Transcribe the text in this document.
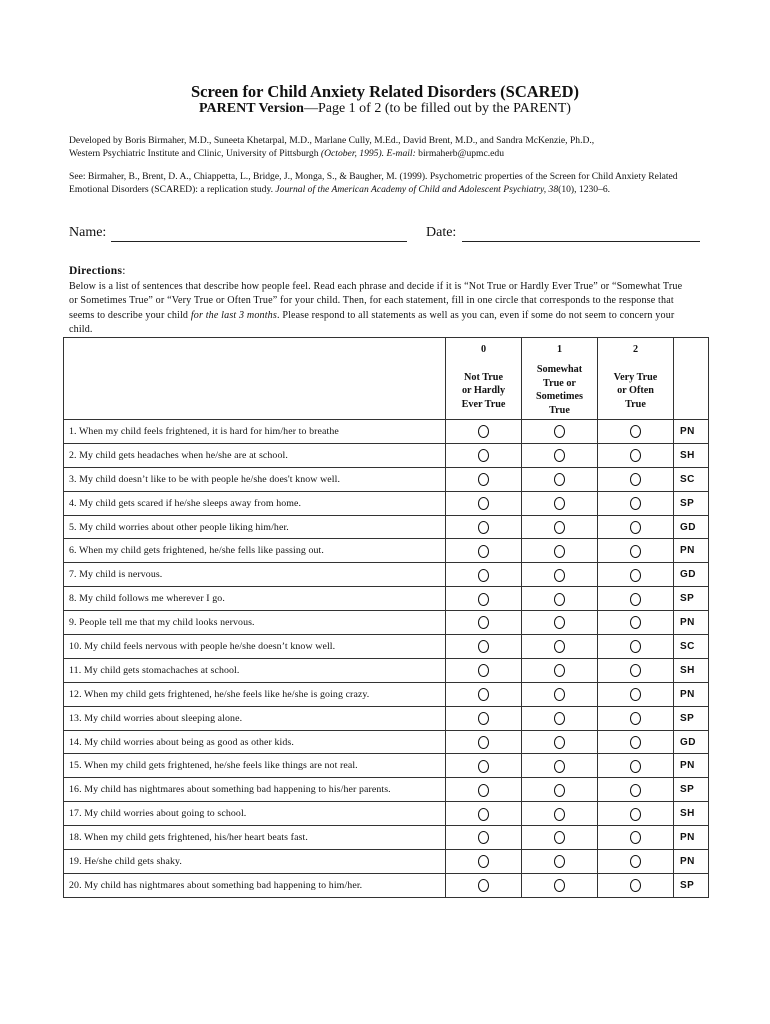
Screen for Child Anxiety Related Disorders (SCARED)
PARENT Version—Page 1 of 2 (to be filled out by the PARENT)
Developed by Boris Birmaher, M.D., Suneeta Khetarpal, M.D., Marlane Cully, M.Ed., David Brent, M.D., and Sandra McKenzie, Ph.D.,
Western Psychiatric Institute and Clinic, University of Pittsburgh (October, 1995). E-mail: birmaherb@upmc.edu
See: Birmaher, B., Brent, D. A., Chiappetta, L., Bridge, J., Monga, S., & Baugher, M. (1999). Psychometric properties of the Screen for Child Anxiety Related Emotional Disorders (SCARED): a replication study. Journal of the American Academy of Child and Adolescent Psychiatry, 38(10), 1230–6.
Name:	Date:
Directions:
Below is a list of sentences that describe how people feel. Read each phrase and decide if it is “Not True or Hardly Ever True” or “Somewhat True or Sometimes True” or “Very True or Often True” for your child. Then, for each statement, fill in one circle that corresponds to the response that seems to describe your child for the last 3 months. Please respond to all statements as well as you can, even if some do not seem to concern your child.

	0
Not True
or Hardly
Ever True	1
Somewhat
True or
Sometimes
True	2
Very True
or Often
True	

1. When my child feels frightened, it is hard for him/her to breathe				PN
2. My child gets headaches when he/she are at school.				SH
3. My child doesn’t like to be with people he/she does't know well.				SC
4. My child gets scared if he/she sleeps away from home.				SP
5. My child worries about other people liking him/her.				GD
6. When my child gets frightened, he/she fells like passing out.				PN
7. My child is nervous.				GD
8. My child follows me wherever I go.				SP
9. People tell me that my child looks nervous.				PN
10. My child feels nervous with people he/she doesn’t know well.				SC
11. My child gets stomachaches at school.				SH
12. When my child gets frightened, he/she feels like he/she is going crazy.				PN
13. My child worries about sleeping alone.				SP
14. My child worries about being as good as other kids.				GD
15. When my child gets frightened, he/she feels like things are not real.				PN
16. My child has nightmares about something bad happening to his/her parents.				SP
17. My child worries about going to school.				SH
18. When my child gets frightened, his/her heart beats fast.				PN
19. He/she child gets shaky.				PN
20. My child has nightmares about something bad happening to him/her.				SP
